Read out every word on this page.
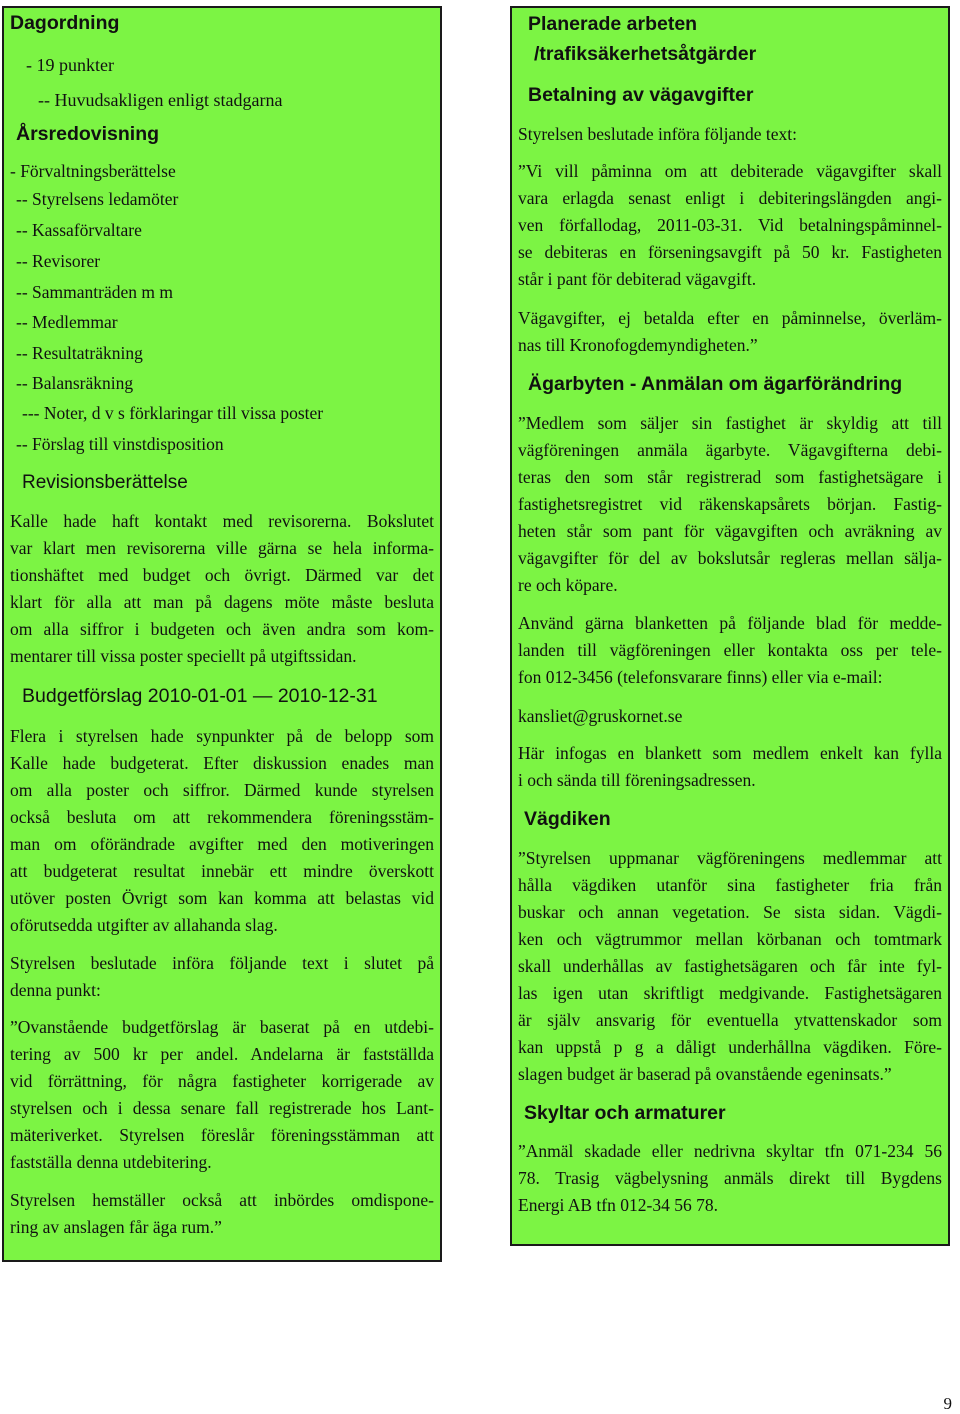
Dagordning
- 19 punkter
-- Huvudsakligen enligt stadgarna
Årsredovisning
- Förvaltningsberättelse
-- Styrelsens ledamöter
-- Kassaförvaltare
-- Revisorer
-- Sammanträden m m
-- Medlemmar
-- Resultaträkning
-- Balansräkning
--- Noter, d v s förklaringar till vissa poster
-- Förslag till vinstdisposition
Revisionsberättelse
Kalle hade haft kontakt med revisorerna. Bokslutet
var klart men revisorerna ville gärna se hela informa-
tionshäftet med budget och övrigt. Därmed var det
klart för alla att man på dagens möte måste besluta
om alla siffror i budgeten och även andra som kom-
mentarer till vissa poster speciellt på utgiftssidan.
Budgetförslag 2010-01-01 — 2010-12-31
Flera i styrelsen hade synpunkter på de belopp som
Kalle hade budgeterat. Efter diskussion enades man
om alla poster och siffror. Därmed kunde styrelsen
också besluta om att rekommendera föreningsstäm-
man om oförändrade avgifter med den motiveringen
att budgeterat resultat innebär ett mindre överskott
utöver posten Övrigt som kan komma att belastas vid
oförutsedda utgifter av allahanda slag.
Styrelsen beslutade införa följande text i slutet på
denna punkt:
”Ovanstående budgetförslag är baserat på en utdebi-
tering av 500 kr per andel. Andelarna är fastställda
vid förrättning, för några fastigheter korrigerade av
styrelsen och i dessa senare fall registrerade hos Lant-
mäteriverket. Styrelsen föreslår föreningsstämman att
fastställa denna utdebitering.
Styrelsen hemställer också att inbördes omdispone-
ring av anslagen får äga rum.”
Planerade arbeten
/trafiksäkerhetsåtgärder
Betalning av vägavgifter
Styrelsen beslutade införa följande text:
”Vi vill påminna om att debiterade vägavgifter skall
vara erlagda senast enligt i debiteringslängden angi-
ven förfallodag, 2011-03-31. Vid betalningspåminnel-
se debiteras en förseningsavgift på 50 kr. Fastigheten
står i pant för debiterad vägavgift.
Vägavgifter, ej betalda efter en påminnelse, överläm-
nas till Kronofogdemyndigheten.”
Ägarbyten - Anmälan om ägarförändring
”Medlem som säljer sin fastighet är skyldig att till
vägföreningen anmäla ägarbyte. Vägavgifterna debi-
teras den som står registrerad som fastighetsägare i
fastighetsregistret vid räkenskapsårets början. Fastig-
heten står som pant för vägavgiften och avräkning av
vägavgifter för del av bokslutsår regleras mellan sälja-
re och köpare.
Använd gärna blanketten på följande blad för medde-
landen till vägföreningen eller kontakta oss per tele-
fon 012-3456 (telefonsvarare finns) eller via e-mail:
kansliet@gruskornet.se
Här infogas en blankett som medlem enkelt kan fylla
i och sända till föreningsadressen.
Vägdiken
”Styrelsen uppmanar vägföreningens medlemmar att
hålla vägdiken utanför sina fastigheter fria från
buskar och annan vegetation. Se sista sidan. Vägdi-
ken och vägtrummor mellan körbanan och tomtmark
skall underhållas av fastighetsägaren och får inte fyl-
las igen utan skriftligt medgivande. Fastighetsägaren
är själv ansvarig för eventuella ytvattenskador som
kan uppstå p g a dåligt underhållna vägdiken. Före-
slagen budget är baserad på ovanstående egeninsats.”
Skyltar och armaturer
”Anmäl skadade eller nedrivna skyltar tfn 071-234 56
78. Trasig vägbelysning anmäls direkt till Bygdens
Energi AB tfn 012-34 56 78.
9
